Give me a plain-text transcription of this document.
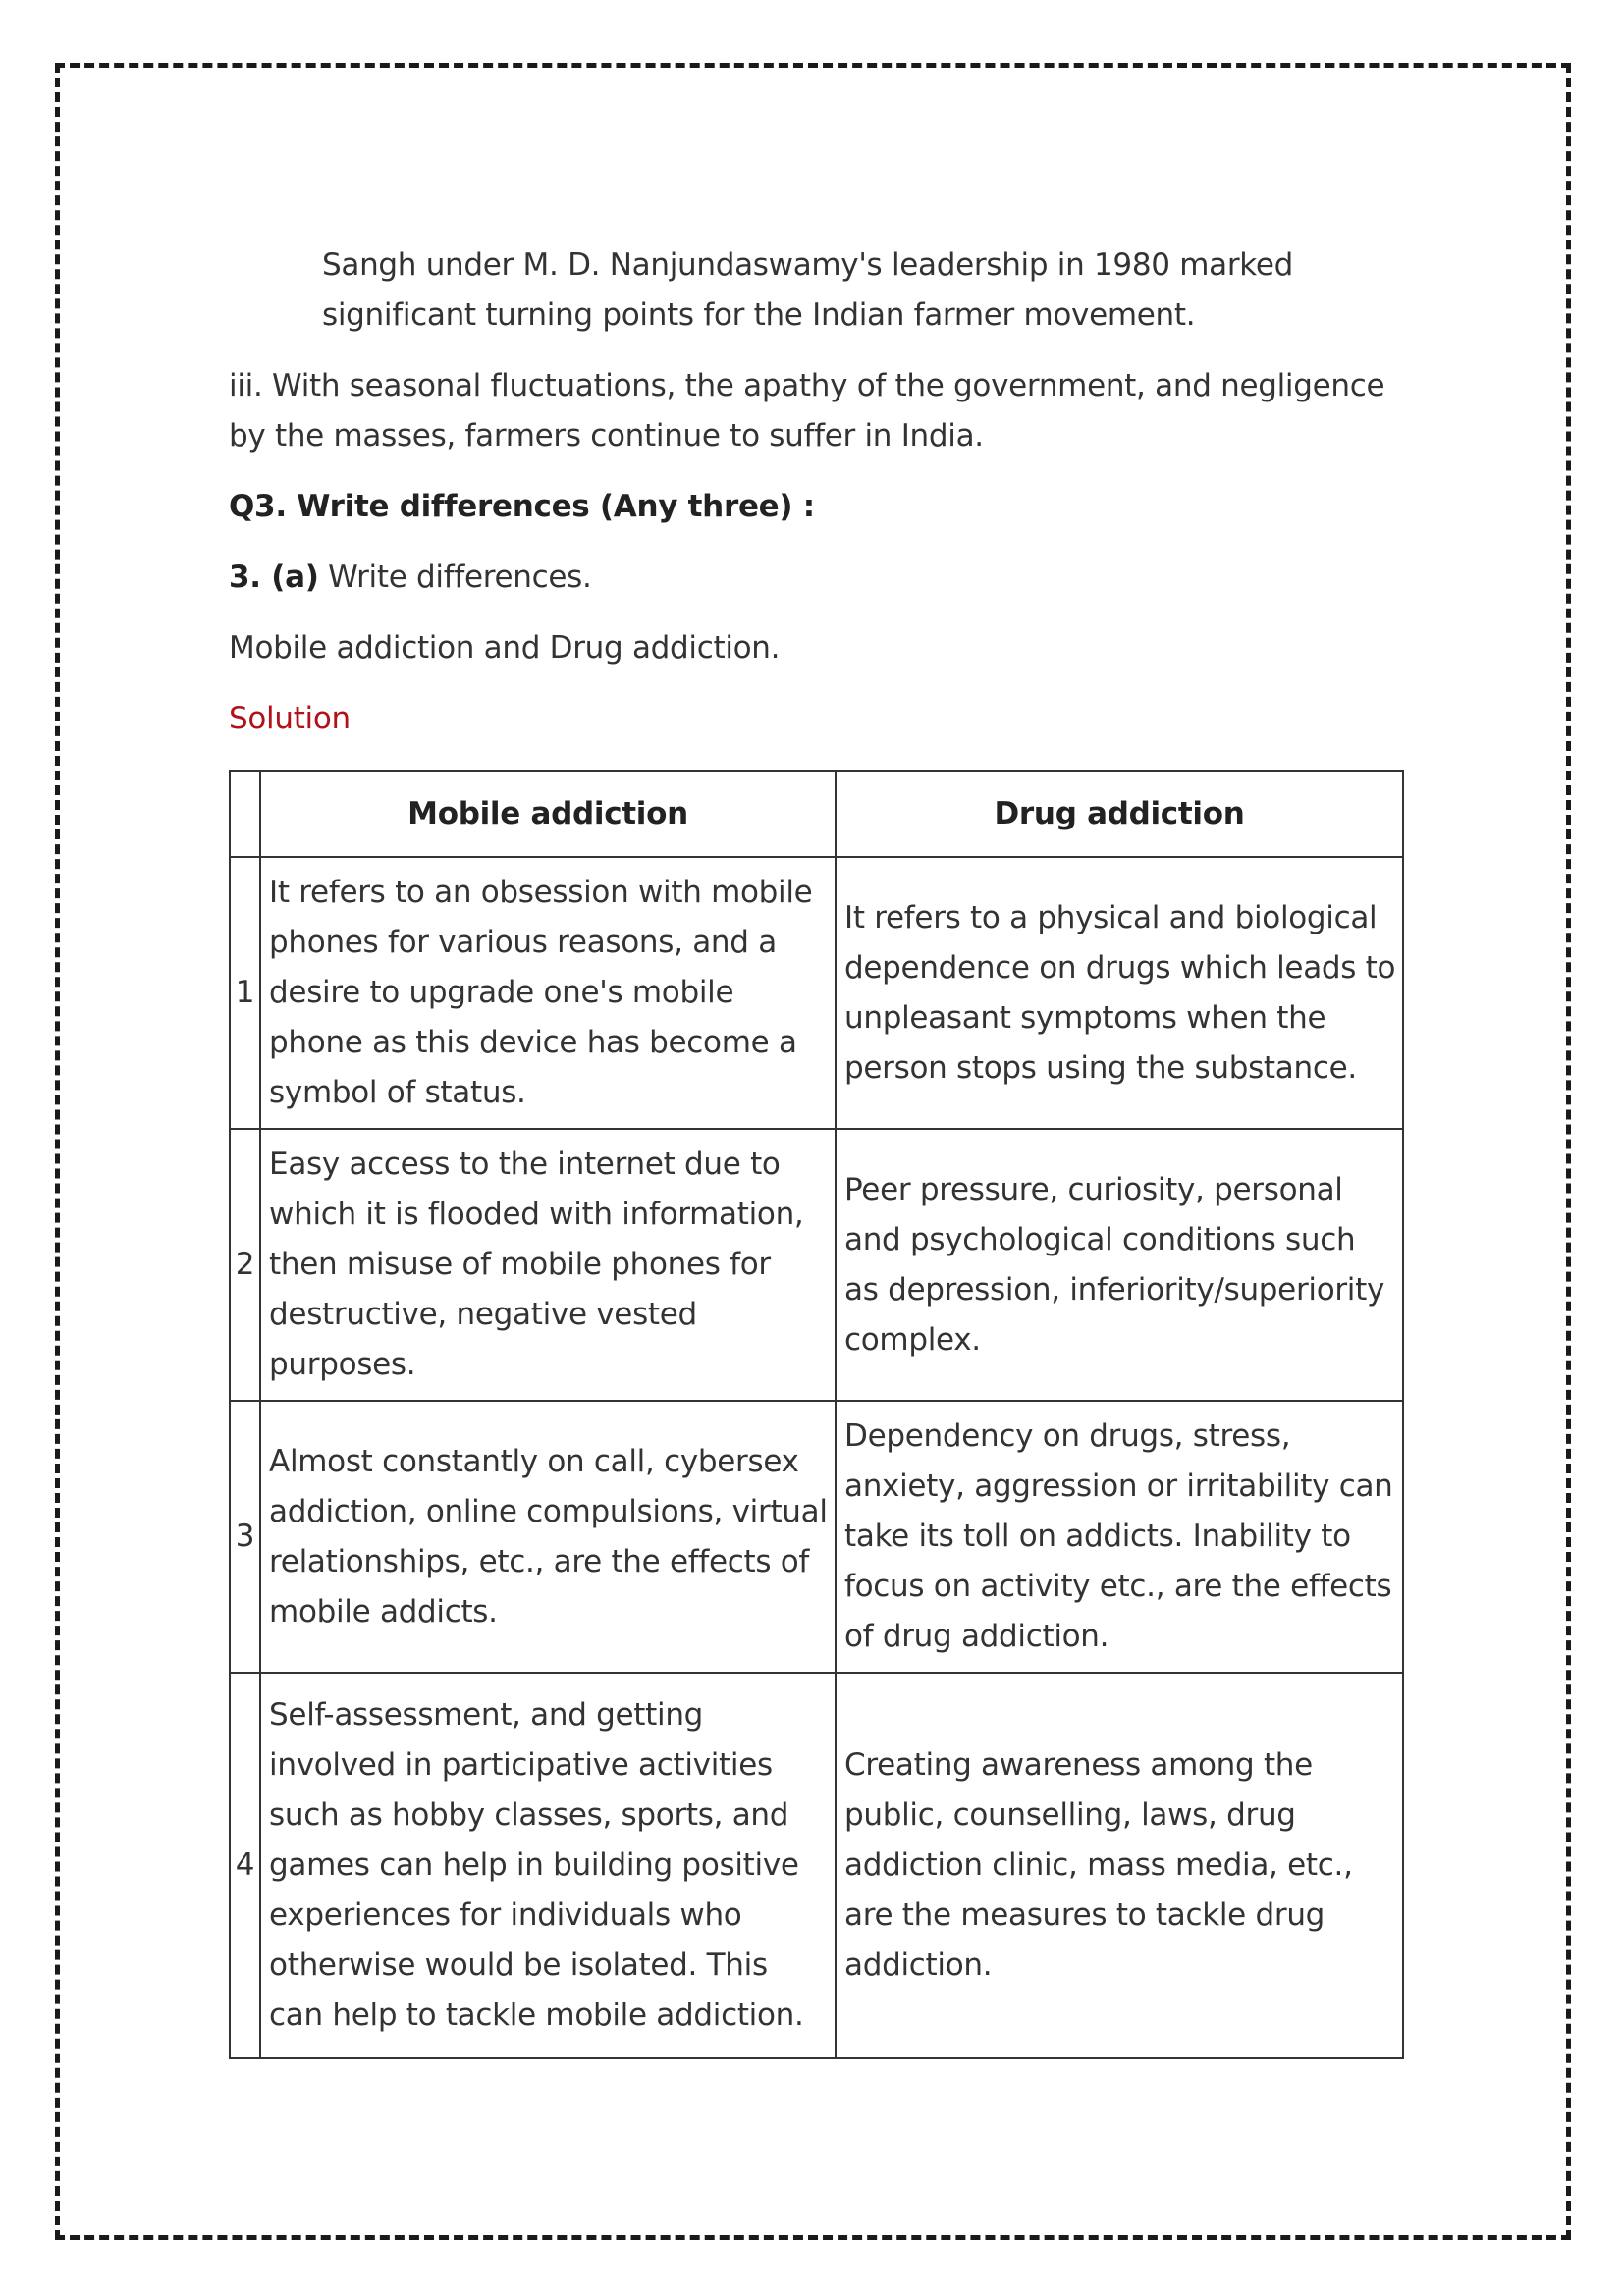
Sangh under M. D. Nanjundaswamy's leadership in 1980 marked significant turning points for the Indian farmer movement.

iii. With seasonal fluctuations, the apathy of the government, and negligence by the masses, farmers continue to suffer in India.

Q3. Write differences (Any three) :

3. (a) Write differences.

Mobile addiction and Drug addiction.

Solution

	Mobile addiction	Drug addiction
1	It refers to an obsession with mobile phones for various reasons, and a desire to upgrade one's mobile phone as this device has become a symbol of status.	It refers to a physical and biological dependence on drugs which leads to unpleasant symptoms when the person stops using the substance.
2	Easy access to the internet due to which it is flooded with information, then misuse of mobile phones for destructive, negative vested purposes.	Peer pressure, curiosity, personal and psychological conditions such as depression, inferiority/superiority complex.
3	Almost constantly on call, cybersex addiction, online compulsions, virtual relationships, etc., are the effects of mobile addicts.	Dependency on drugs, stress, anxiety, aggression or irritability can take its toll on addicts. Inability to focus on activity etc., are the effects of drug addiction.
4	Self-assessment, and getting involved in participative activities such as hobby classes, sports, and games can help in building positive experiences for individuals who otherwise would be isolated. This can help to tackle mobile addiction.	Creating awareness among the public, counselling, laws, drug addiction clinic, mass media, etc., are the measures to tackle drug addiction.
